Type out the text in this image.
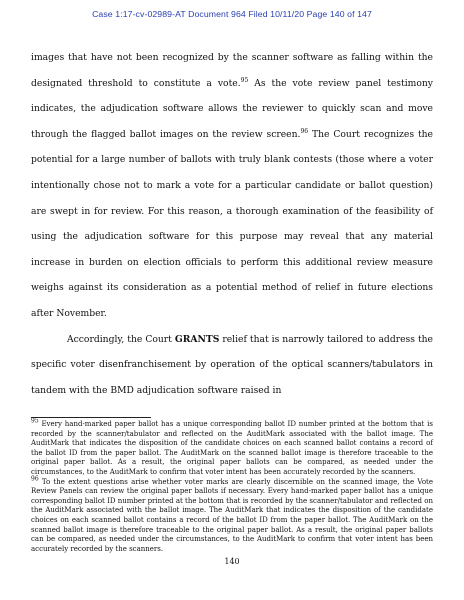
Case 1:17-cv-02989-AT Document 964 Filed 10/11/20 Page 140 of 147

images that have not been recognized by the scanner software as falling within the designated threshold to constitute a vote.$^{95}$ As the vote review panel testimony indicates, the adjudication software allows the reviewer to quickly scan and move through the flagged ballot images on the review screen.$^{96}$ The Court recognizes the potential for a large number of ballots with truly blank contests (those where a voter intentionally chose not to mark a vote for a particular candidate or ballot question) are swept in for review. For this reason, a thorough examination of the feasibility of using the adjudication software for this purpose may reveal that any material increase in burden on election officials to perform this additional review measure weighs against its consideration as a potential method of relief in future elections after November.

Accordingly, the Court GRANTS relief that is narrowly tailored to address the specific voter disenfranchisement by operation of the optical scanners/tabulators in tandem with the BMD adjudication software raised in

$^{95}$ Every hand-marked paper ballot has a unique corresponding ballot ID number printed at the bottom that is recorded by the scanner/tabulator and reflected on the AuditMark associated with the ballot image. The AuditMark that indicates the disposition of the candidate choices on each scanned ballot contains a record of the ballot ID from the paper ballot. The AuditMark on the scanned ballot image is therefore traceable to the original paper ballot. As a result, the original paper ballots can be compared, as needed under the circumstances, to the AuditMark to confirm that voter intent has been accurately recorded by the scanners.

$^{96}$ To the extent questions arise whether voter marks are clearly discernible on the scanned image, the Vote Review Panels can review the original paper ballots if necessary. Every hand-marked paper ballot has a unique corresponding ballot ID number printed at the bottom that is recorded by the scanner/tabulator and reflected on the AuditMark associated with the ballot image. The AuditMark that indicates the disposition of the candidate choices on each scanned ballot contains a record of the ballot ID from the paper ballot. The AuditMark on the scanned ballot image is therefore traceable to the original paper ballot. As a result, the original paper ballots can be compared, as needed under the circumstances, to the AuditMark to confirm that voter intent has been accurately recorded by the scanners.

140
